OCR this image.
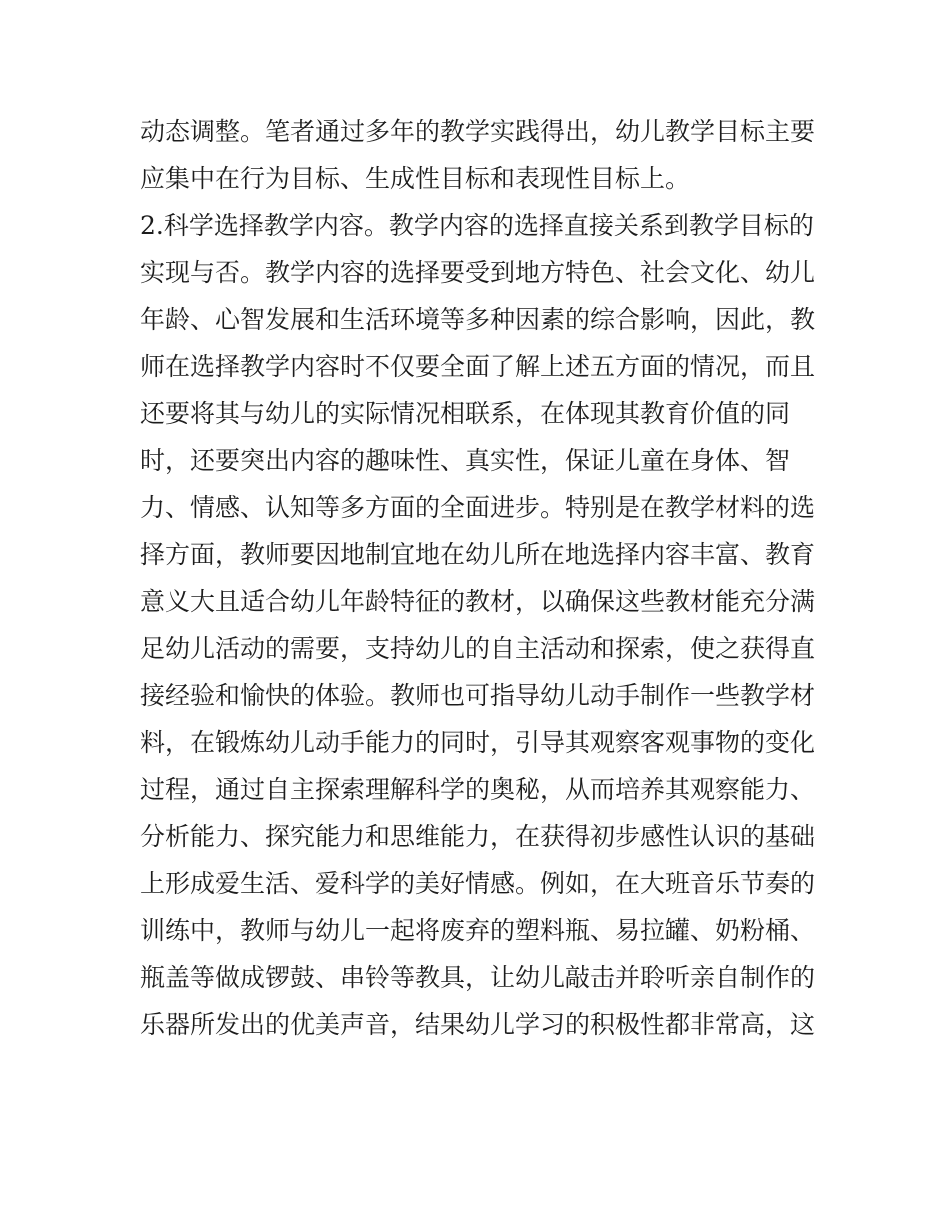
动态调整。笔者通过多年的教学实践得出，幼儿教学目标主要
应集中在行为目标、生成性目标和表现性目标上。
2.科学选择教学内容。教学内容的选择直接关系到教学目标的
实现与否。教学内容的选择要受到地方特色、社会文化、幼儿
年龄、心智发展和生活环境等多种因素的综合影响，因此，教
师在选择教学内容时不仅要全面了解上述五方面的情况，而且
还要将其与幼儿的实际情况相联系，在体现其教育价值的同
时，还要突出内容的趣味性、真实性，保证儿童在身体、智
力、情感、认知等多方面的全面进步。特别是在教学材料的选
择方面，教师要因地制宜地在幼儿所在地选择内容丰富、教育
意义大且适合幼儿年龄特征的教材，以确保这些教材能充分满
足幼儿活动的需要，支持幼儿的自主活动和探索，使之获得直
接经验和愉快的体验。教师也可指导幼儿动手制作一些教学材
料，在锻炼幼儿动手能力的同时，引导其观察客观事物的变化
过程，通过自主探索理解科学的奥秘，从而培养其观察能力、
分析能力、探究能力和思维能力，在获得初步感性认识的基础
上形成爱生活、爱科学的美好情感。例如，在大班音乐节奏的
训练中，教师与幼儿一起将废弃的塑料瓶、易拉罐、奶粉桶、
瓶盖等做成锣鼓、串铃等教具，让幼儿敲击并聆听亲自制作的
乐器所发出的优美声音，结果幼儿学习的积极性都非常高，这
